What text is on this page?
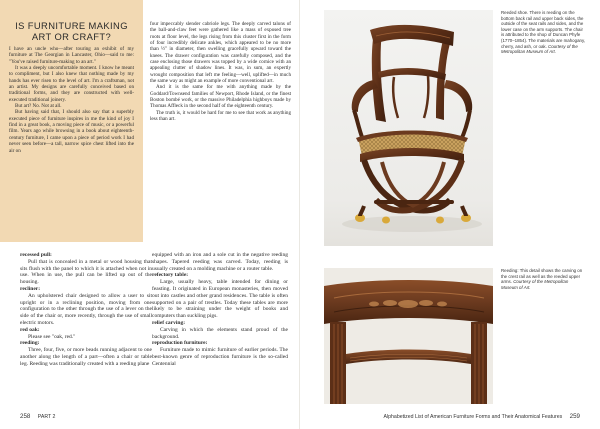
IS FURNITURE MAKING ART OR CRAFT?

I have an uncle who—after touring an exhibit of my furniture at The Georgian in Lancaster, Ohio—said to me: "You've raised furniture-making to an art."

It was a deeply uncomfortable moment. I know he meant to compliment, but I also knew that nothing made by my hands has ever risen to the level of art. I'm a craftsman, not an artist. My designs are carefully conceived based on traditional forms, and they are constructed with well-executed traditional joinery.

But art? No. Not at all.

But having said that, I should also say that a superbly executed piece of furniture inspires in me the kind of joy I find in a great book, a moving piece of music, or a powerful film. Years ago while browsing in a book about eighteenth-century furniture, I came upon a piece of period work I had never seen before—a tall, narrow spice chest lifted into the air on

four impeccably slender cabriole legs. The deeply carved talons of the ball-and-claw feet were gathered like a mass of exposed tree roots at floor level, the legs rising from this cluster first in the form of four incredibly delicate ankles, which appeared to be no more than ½" in diameter, then swelling gracefully upward toward the knees. The drawer configuration was carefully composed, and the case enclosing those drawers was topped by a wide cornice with an appealing clutter of shadow lines. It was, in sum, an expertly wrought composition that left me feeling—well, uplifted—in much the same way as might an example of more conventional art.

And it is the same for me with anything made by the Goddard/Townsend families of Newport, Rhode Island, or the finest Boston bombé work, or the massive Philadelphia highboys made by Thomas Affleck in the second half of the eighteenth century.

The truth is, it would be hard for me to see that work as anything less than art.

recessed pull:
Pull that is concealed in a metal or wood housing that sits flush with the panel to which it is attached when not in use. When in use, the pull can be lifted up out of the housing.
recliner:
An upholstered chair designed to allow a user to sit upright or in a reclining position, moving from one configuration to the other through the use of a lever on the side of the chair or, more recently, through the use of small electric motors.
red oak:
Please see "oak, red."
reeding:
Three, four, five, or more beads running adjacent to one another along the length of a part—often a chair or table leg. Reeding was traditionally created with a reeding plane
equipped with an iron and a sole cut in the negative reeding shapes. Tapered reeding was carved. Today, reeding is usually created on a molding machine or a router table.
refectory table:
Large, usually heavy, table intended for dining or feasting. It originated in European monasteries, then moved out into castles and other grand residences. The table is often supported on a pair of trestles. Today these tables are more likely to be straining under the weight of books and computers than suckling pigs.
relief carving:
Carving in which the elements stand proud of the background.
reproduction furniture:
Furniture made to mimic furniture of earlier periods. The best-known genre of reproduction furniture is the so-called Centennial
258 PART 2
Reeded shoe. There is reeding on the bottom back rail and upper back sides, the outside of the seat rails and sides, and the lower case on the arm supports. The chair is attributed to the shop of Duncan Phyfe (1770–1854). The materials are mahogany, cherry, and ash, or oak. Courtesy of the Metropolitan Museum of Art.
Reeding: This detail shows the carving on the crest rail as well as the reeded upper arms. Courtesy of the Metropolitan Museum of Art.
Alphabetized List of American Furniture Forms and Their Anatomical Features 259
